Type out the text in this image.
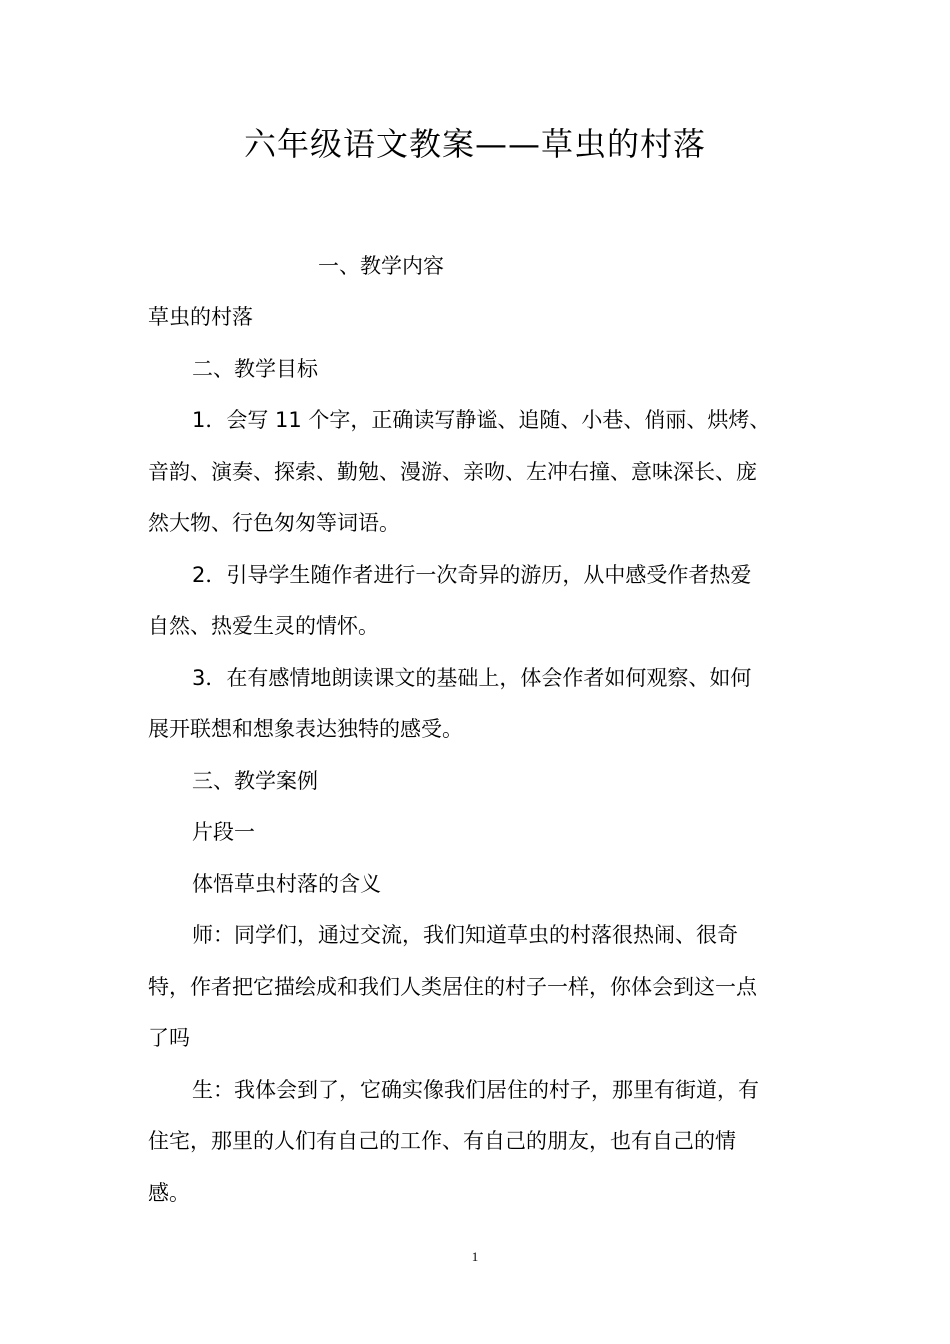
六年级语文教案——草虫的村落
一、教学内容
草虫的村落
二、教学目标
1．会写 11 个字，正确读写静谧、追随、小巷、俏丽、烘烤、
音韵、演奏、探索、勤勉、漫游、亲吻、左冲右撞、意味深长、庞
然大物、行色匆匆等词语。
2．引导学生随作者进行一次奇异的游历，从中感受作者热爱
自然、热爱生灵的情怀。
3．在有感情地朗读课文的基础上，体会作者如何观察、如何
展开联想和想象表达独特的感受。
三、教学案例
片段一
体悟草虫村落的含义
师：同学们，通过交流，我们知道草虫的村落很热闹、很奇
特，作者把它描绘成和我们人类居住的村子一样，你体会到这一点
了吗
生：我体会到了，它确实像我们居住的村子，那里有街道，有
住宅，那里的人们有自己的工作、有自己的朋友，也有自己的情
感。
1
